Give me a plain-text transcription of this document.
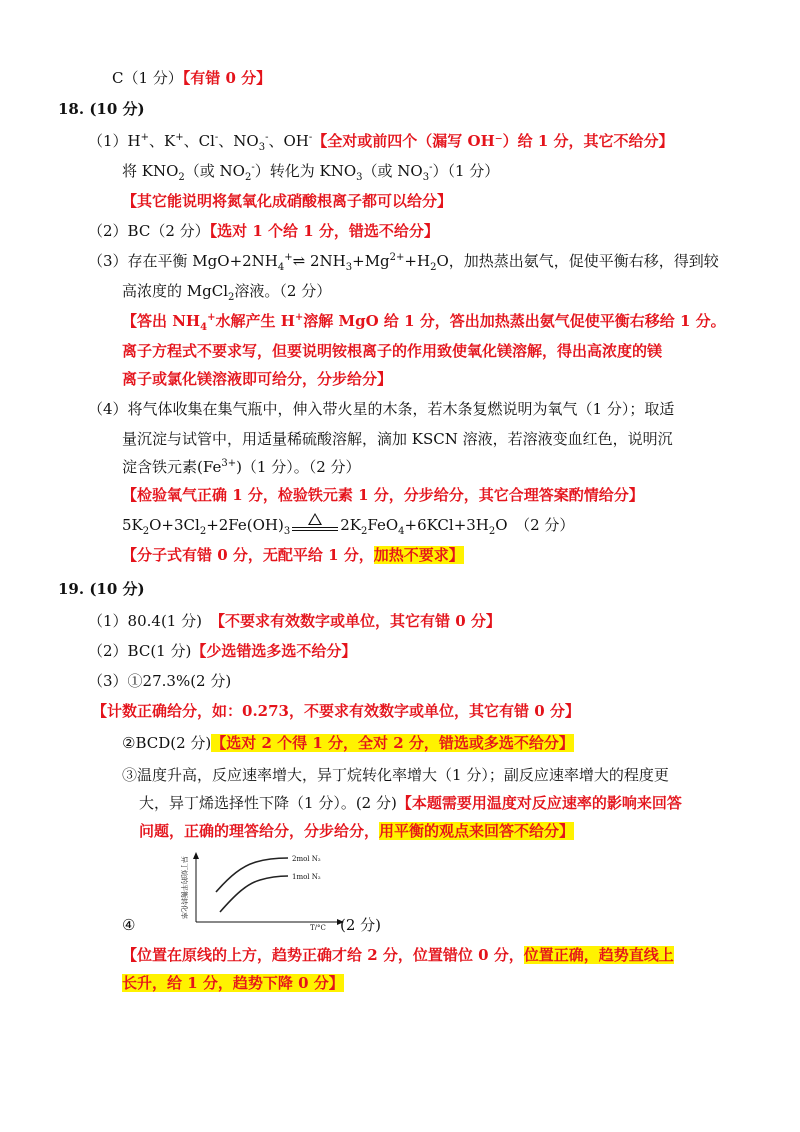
C（1 分）【有错 0 分】
18. (10 分)
（1）H+、K+、Cl-、$NO_3^-$、OH-【全对或前四个（漏写 OH⁻）给 1 分，其它不给分】
将 $KNO_2$（或 $NO_2^-$）转化为 $KNO_3$（或 $NO_3^-)(1$ 分）
【其它能说明将氮氧化成硝酸根离子都可以给分】
（2）BC（2 分）【选对 1 个给 1 分，错选不给分】
（3）存在平衡 $MgO+2NH_4^+\rightleftharpoons$ $2NH_3+Mg^{2+}+H_2O$，加热蒸出氨气，促使平衡右移，得到较
高浓度的 MgCl$_2$溶液。（2 分）
【答出 $NH_4^+$水解产生 H+溶解 MgO 给 1 分，答出加热蒸出氨气促使平衡右移给 1 分。
离子方程式不要求写，但要说明铵根离子的作用致使氧化镁溶解，得出高浓度的镁
离子或氯化镁溶液即可给分，分步给分】
（4）将气体收集在集气瓶中，伸入带火星的木条，若木条复燃说明为氧气（1 分）；取适
量沉淀与试管中，用适量稀硫酸溶解，滴加 KSCN 溶液，若溶液变血红色，说明沉
淀含铁元素$(Fe^{3+})(1$ 分）。（2 分）
【检验氧气正确 1 分，检验铁元素 1 分，分步给分，其它合理答案酌情给分】
$5K_2O+3Cl_2+2Fe(OH)_3$	$2K_2FeO_4+6KCl+3H_2O$　（2 分）
【分子式有错 0 分，无配平给 1 分，加热不要求】
19. (10 分)
（1）80.4(1 分) 【不要求有效数字或单位，其它有错 0 分】
（2）BC(1 分)【少选错选多选不给分】
（3）①27.3%(2 分)
【计数正确给分，如：0.273，不要求有效数字或单位，其它有错 0 分】
②BCD(2 分)【选对 2 个得 1 分，全对 2 分，错选或多选不给分】
③温度升高，反应速率增大，异丁烷转化率增大（1 分）；副反应速率增大的程度更
大，异丁烯选择性下降（1 分）。(2 分)【本题需要用温度对反应速率的影响来回答
问题，正确的理答给分，分步给分，用平衡的观点来回答不给分】
2mol N₂
1mol N₂
T/°C
异丁烷的平衡转化率
④	(2 分)
【位置在原线的上方，趋势正确才给 2 分，位置错位 0 分，位置正确，趋势直线上
长升，给 1 分，趋势下降 0 分】
